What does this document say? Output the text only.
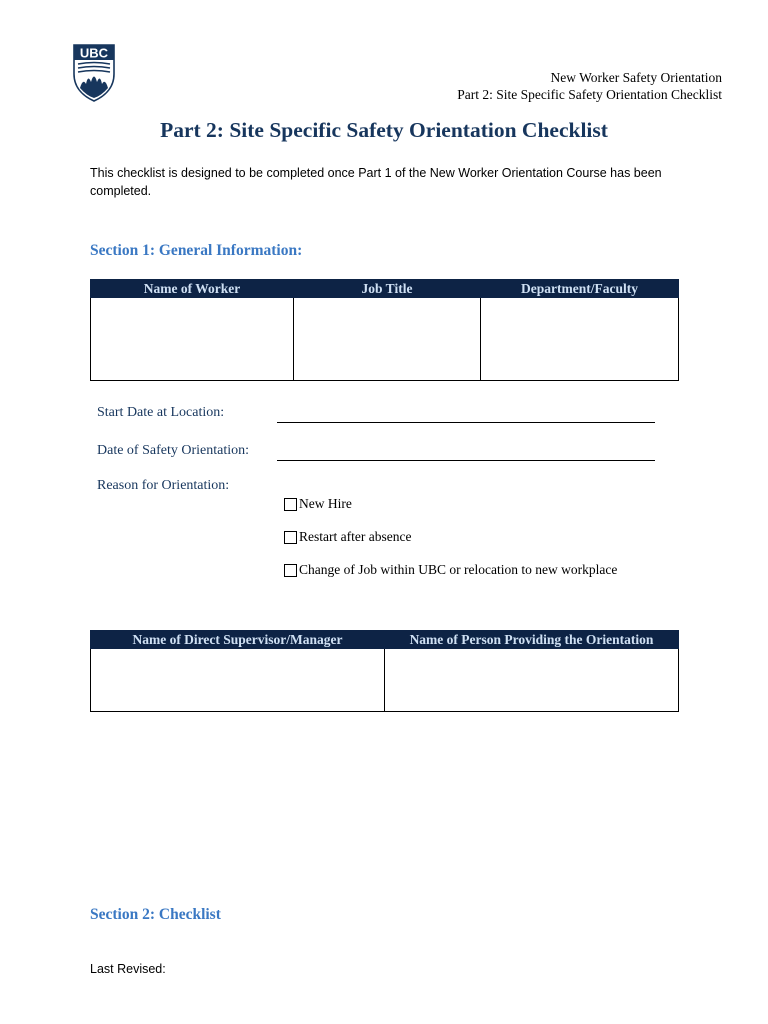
UBC
New Worker Safety Orientation
Part 2: Site Specific Safety Orientation Checklist
Part 2: Site Specific Safety Orientation Checklist
This checklist is designed to be completed once Part 1 of the New Worker Orientation Course has been completed.
Section 1: General Information:
Name of Worker	Job Title	Department/Faculty

Start Date at Location:
Date of Safety Orientation:
Reason for Orientation:
New Hire
Restart after absence
Change of Job within UBC or relocation to new workplace
Name of Direct Supervisor/Manager	Name of Person Providing the Orientation

Section 2: Checklist
Last Revised:
